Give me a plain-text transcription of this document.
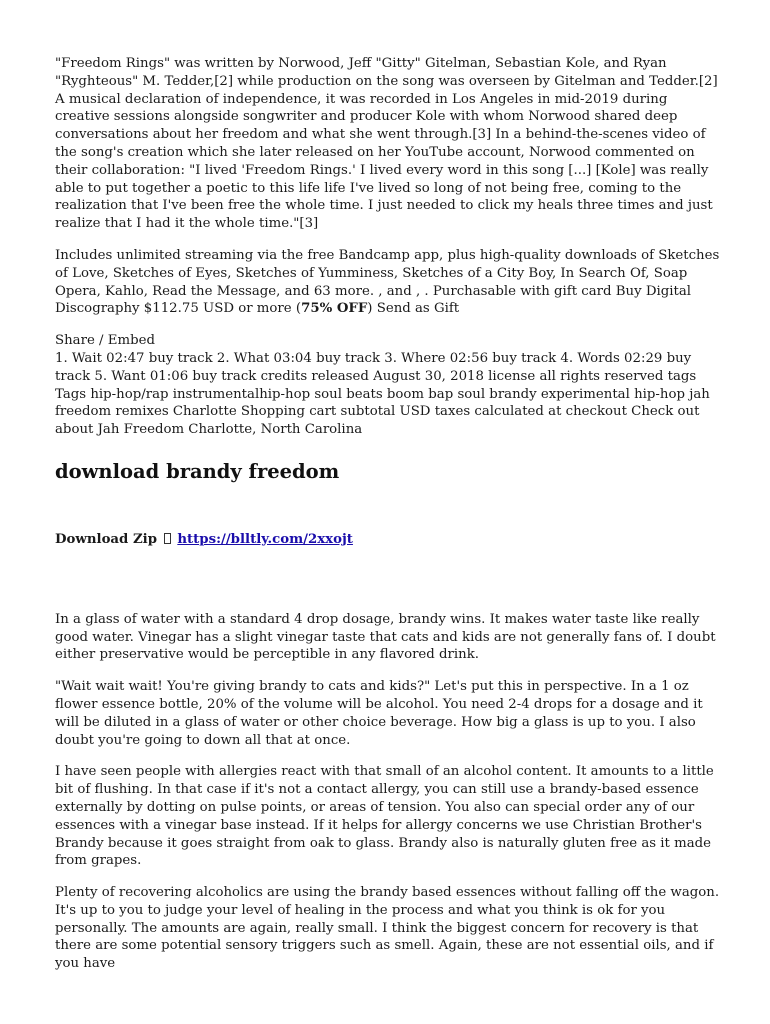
"Freedom Rings" was written by Norwood, Jeff "Gitty" Gitelman, Sebastian Kole, and Ryan "Ryghteous" M. Tedder,[2] while production on the song was overseen by Gitelman and Tedder.[2] A musical declaration of independence, it was recorded in Los Angeles in mid-2019 during creative sessions alongside songwriter and producer Kole with whom Norwood shared deep conversations about her freedom and what she went through.[3] In a behind-the-scenes video of the song's creation which she later released on her YouTube account, Norwood commented on their collaboration: "I lived 'Freedom Rings.' I lived every word in this song [...] [Kole] was really able to put together a poetic to this life life I've lived so long of not being free, coming to the realization that I've been free the whole time. I just needed to click my heals three times and just realize that I had it the whole time."[3]

Includes unlimited streaming via the free Bandcamp app, plus high-quality downloads of Sketches of Love, Sketches of Eyes, Sketches of Yumminess, Sketches of a City Boy, In Search Of, Soap Opera, Kahlo, Read the Message, and 63 more. , and , . Purchasable with gift card Buy Digital Discography $112.75 USD or more (75% OFF) Send as Gift

Share / Embed
1. Wait 02:47 buy track 2. What 03:04 buy track 3. Where 02:56 buy track 4. Words 02:29 buy track 5. Want 01:06 buy track credits released August 30, 2018 license all rights reserved tags Tags hip-hop/rap instrumentalhip-hop soul beats boom bap soul brandy experimental hip-hop jah freedom remixes Charlotte Shopping cart subtotal USD taxes calculated at checkout Check out about Jah Freedom Charlotte, North Carolina
download brandy freedom
Download Zip https://blltly.com/2xxojt

In a glass of water with a standard 4 drop dosage, brandy wins. It makes water taste like really good water. Vinegar has a slight vinegar taste that cats and kids are not generally fans of. I doubt either preservative would be perceptible in any flavored drink.

"Wait wait wait! You're giving brandy to cats and kids?" Let's put this in perspective. In a 1 oz flower essence bottle, 20% of the volume will be alcohol. You need 2-4 drops for a dosage and it will be diluted in a glass of water or other choice beverage. How big a glass is up to you. I also doubt you're going to down all that at once.

I have seen people with allergies react with that small of an alcohol content. It amounts to a little bit of flushing. In that case if it's not a contact allergy, you can still use a brandy-based essence externally by dotting on pulse points, or areas of tension. You also can special order any of our essences with a vinegar base instead. If it helps for allergy concerns we use Christian Brother's Brandy because it goes straight from oak to glass. Brandy also is naturally gluten free as it made from grapes.

Plenty of recovering alcoholics are using the brandy based essences without falling off the wagon. It's up to you to judge your level of healing in the process and what you think is ok for you personally. The amounts are again, really small. I think the biggest concern for recovery is that there are some potential sensory triggers such as smell. Again, these are not essential oils, and if you have
